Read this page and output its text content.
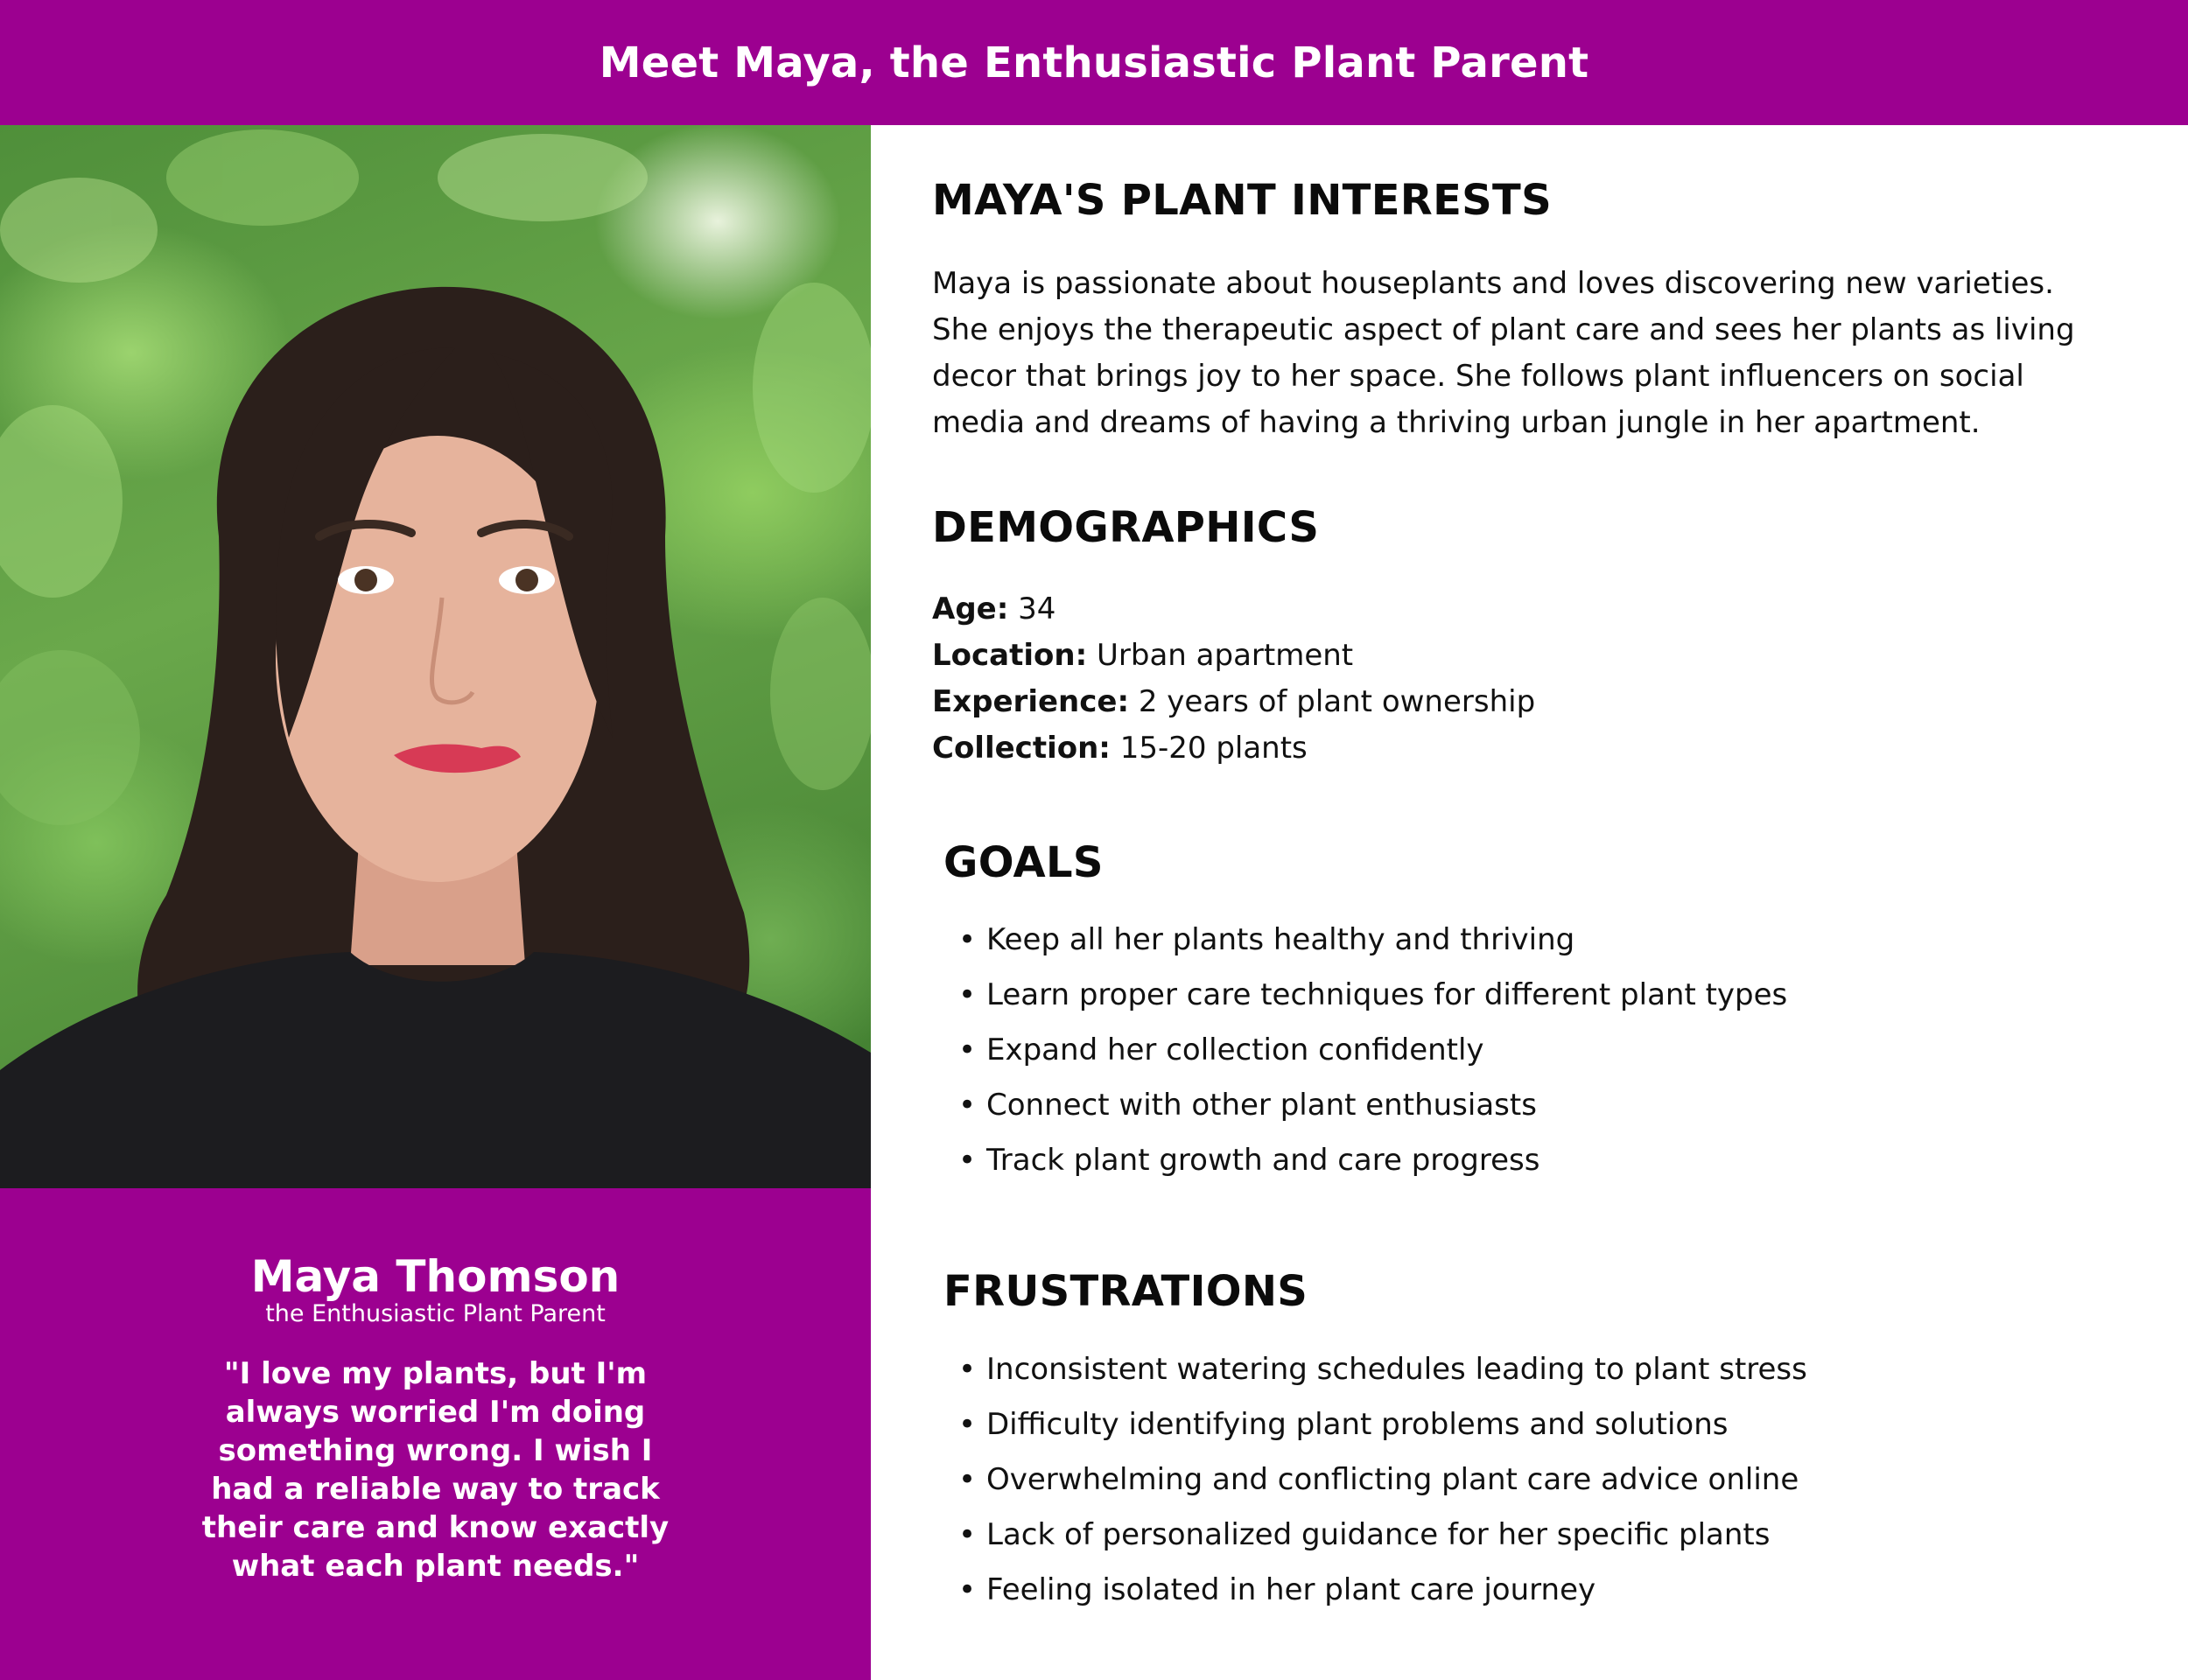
Meet Maya, the Enthusiastic Plant Parent
Maya Thomson
the Enthusiastic Plant Parent
"I love my plants, but I'm always worried I'm doing something wrong. I wish I had a reliable way to track their care and know exactly what each plant needs."
MAYA'S PLANT INTERESTS
Maya is passionate about houseplants and loves discovering new varieties. She enjoys the therapeutic aspect of plant care and sees her plants as living decor that brings joy to her space. She follows plant influencers on social media and dreams of having a thriving urban jungle in her apartment.
DEMOGRAPHICS
Age: 34
Location: Urban apartment
Experience: 2 years of plant ownership
Collection: 15-20 plants
GOALS
• Keep all her plants healthy and thriving
• Learn proper care techniques for different plant types
• Expand her collection confidently
• Connect with other plant enthusiasts
• Track plant growth and care progress
FRUSTRATIONS
• Inconsistent watering schedules leading to plant stress
• Difficulty identifying plant problems and solutions
• Overwhelming and conflicting plant care advice online
• Lack of personalized guidance for her specific plants
• Feeling isolated in her plant care journey
